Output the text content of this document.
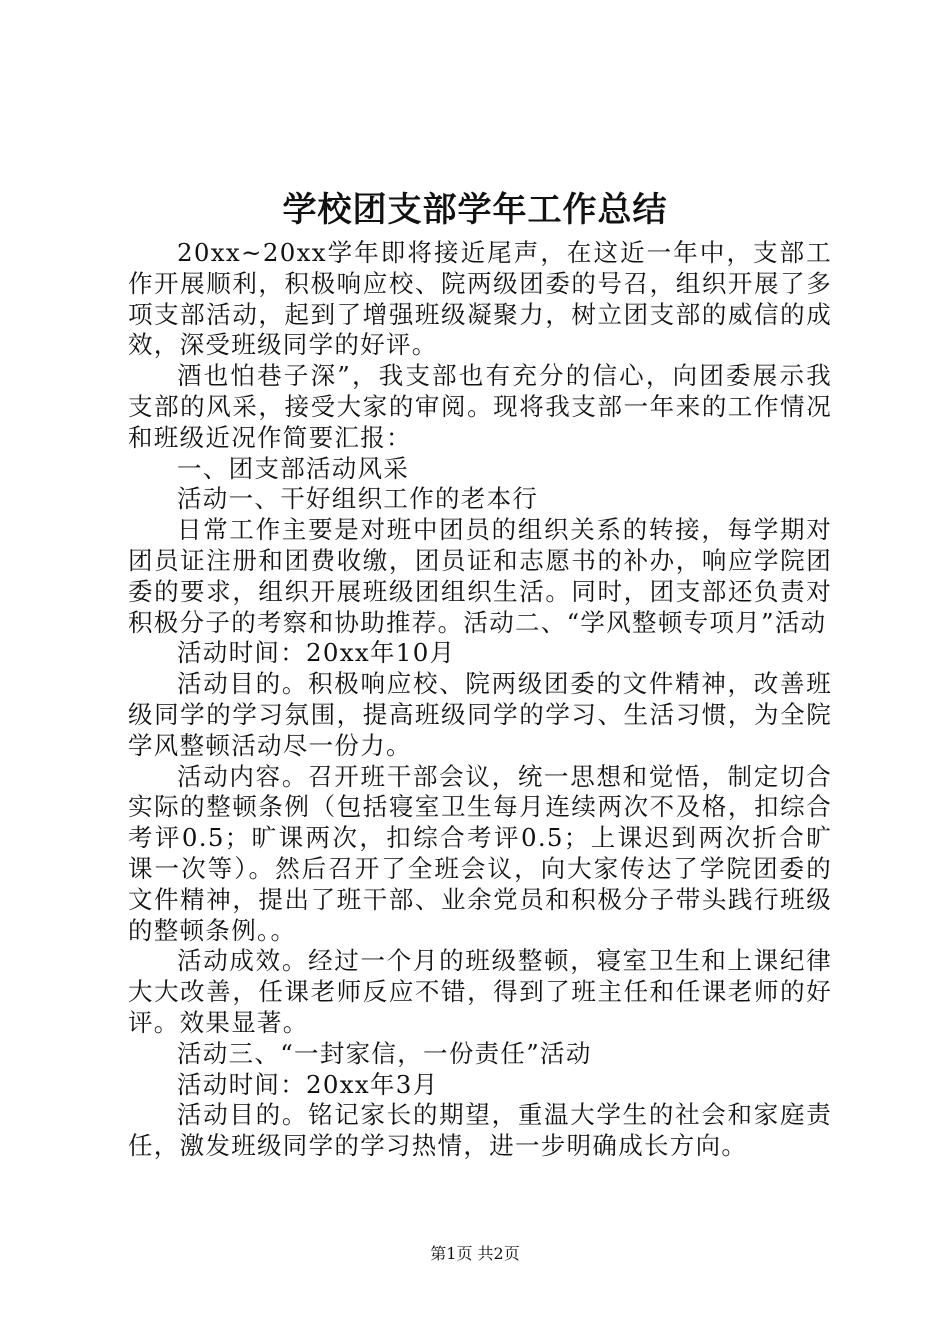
学校团支部学年工作总结

20xx~20xx学年即将接近尾声，在这近一年中，支部工作开展顺利，积极响应校、院两级团委的号召，组织开展了多项支部活动，起到了增强班级凝聚力，树立团支部的威信的成效，深受班级同学的好评。

酒也怕巷子深”，我支部也有充分的信心，向团委展示我支部的风采，接受大家的审阅。现将我支部一年来的工作情况和班级近况作简要汇报：

一、团支部活动风采

活动一、干好组织工作的老本行

日常工作主要是对班中团员的组织关系的转接，每学期对团员证注册和团费收缴，团员证和志愿书的补办，响应学院团委的要求，组织开展班级团组织生活。同时，团支部还负责对积极分子的考察和协助推荐。活动二、“学风整顿专项月”活动

活动时间：20xx年10月

活动目的。积极响应校、院两级团委的文件精神，改善班级同学的学习氛围，提高班级同学的学习、生活习惯，为全院学风整顿活动尽一份力。

活动内容。召开班干部会议，统一思想和觉悟，制定切合实际的整顿条例（包括寝室卫生每月连续两次不及格，扣综合考评0.5；旷课两次，扣综合考评0.5；上课迟到两次折合旷课一次等）。然后召开了全班会议，向大家传达了学院团委的文件精神，提出了班干部、业余党员和积极分子带头践行班级的整顿条例。。

活动成效。经过一个月的班级整顿，寝室卫生和上课纪律大大改善，任课老师反应不错，得到了班主任和任课老师的好评。效果显著。

活动三、“一封家信，一份责任”活动

活动时间：20xx年3月

活动目的。铭记家长的期望，重温大学生的社会和家庭责任，激发班级同学的学习热情，进一步明确成长方向。

第1页 共2页
